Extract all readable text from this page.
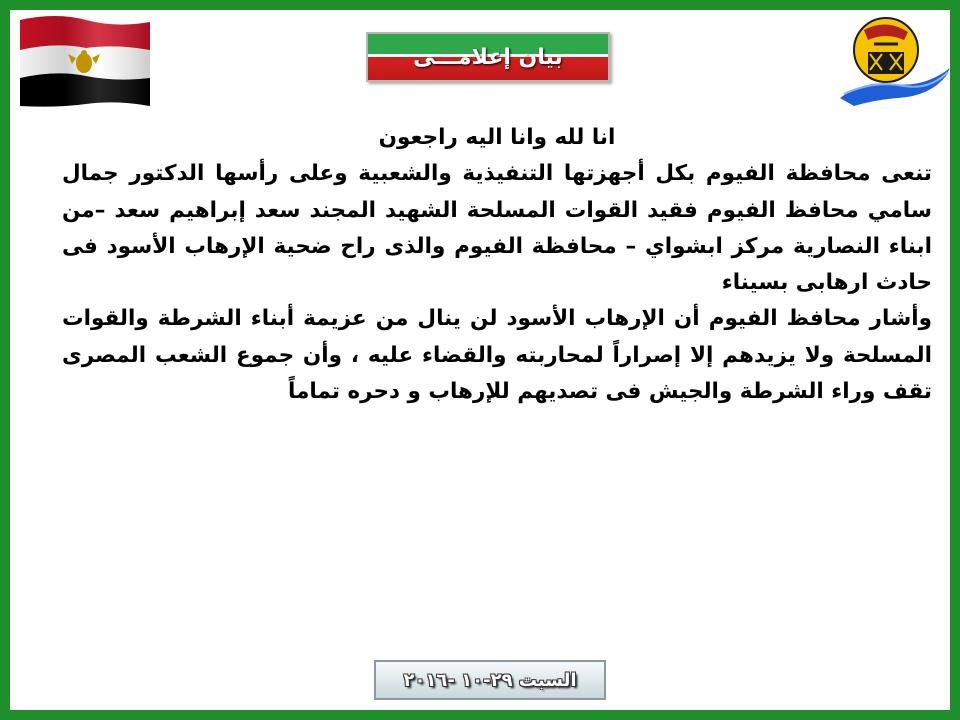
بيان إعلامـــى
انا لله وانا اليه راجعون
تنعى محافظة الفيوم بكل أجهزتها التنفيذية والشعبية وعلى رأسها الدكتور جمال سامي محافظ الفيوم فقيد القوات المسلحة الشهيد المجند سعد إبراهيم سعد –من ابناء النصارية مركز ابشواي – محافظة الفيوم والذى راح ضحية الإرهاب الأسود فى حادث ارهابى بسيناء
وأشار محافظ الفيوم أن الإرهاب الأسود لن ينال من عزيمة أبناء الشرطة والقوات المسلحة ولا يزيدهم إلا إصراراً لمحاربته والقضاء عليه ، وأن جموع الشعب المصرى تقف وراء الشرطة والجيش فى تصديهم للإرهاب و دحره تماماً
السبت ٢٩-١٠ -٢٠١٦
